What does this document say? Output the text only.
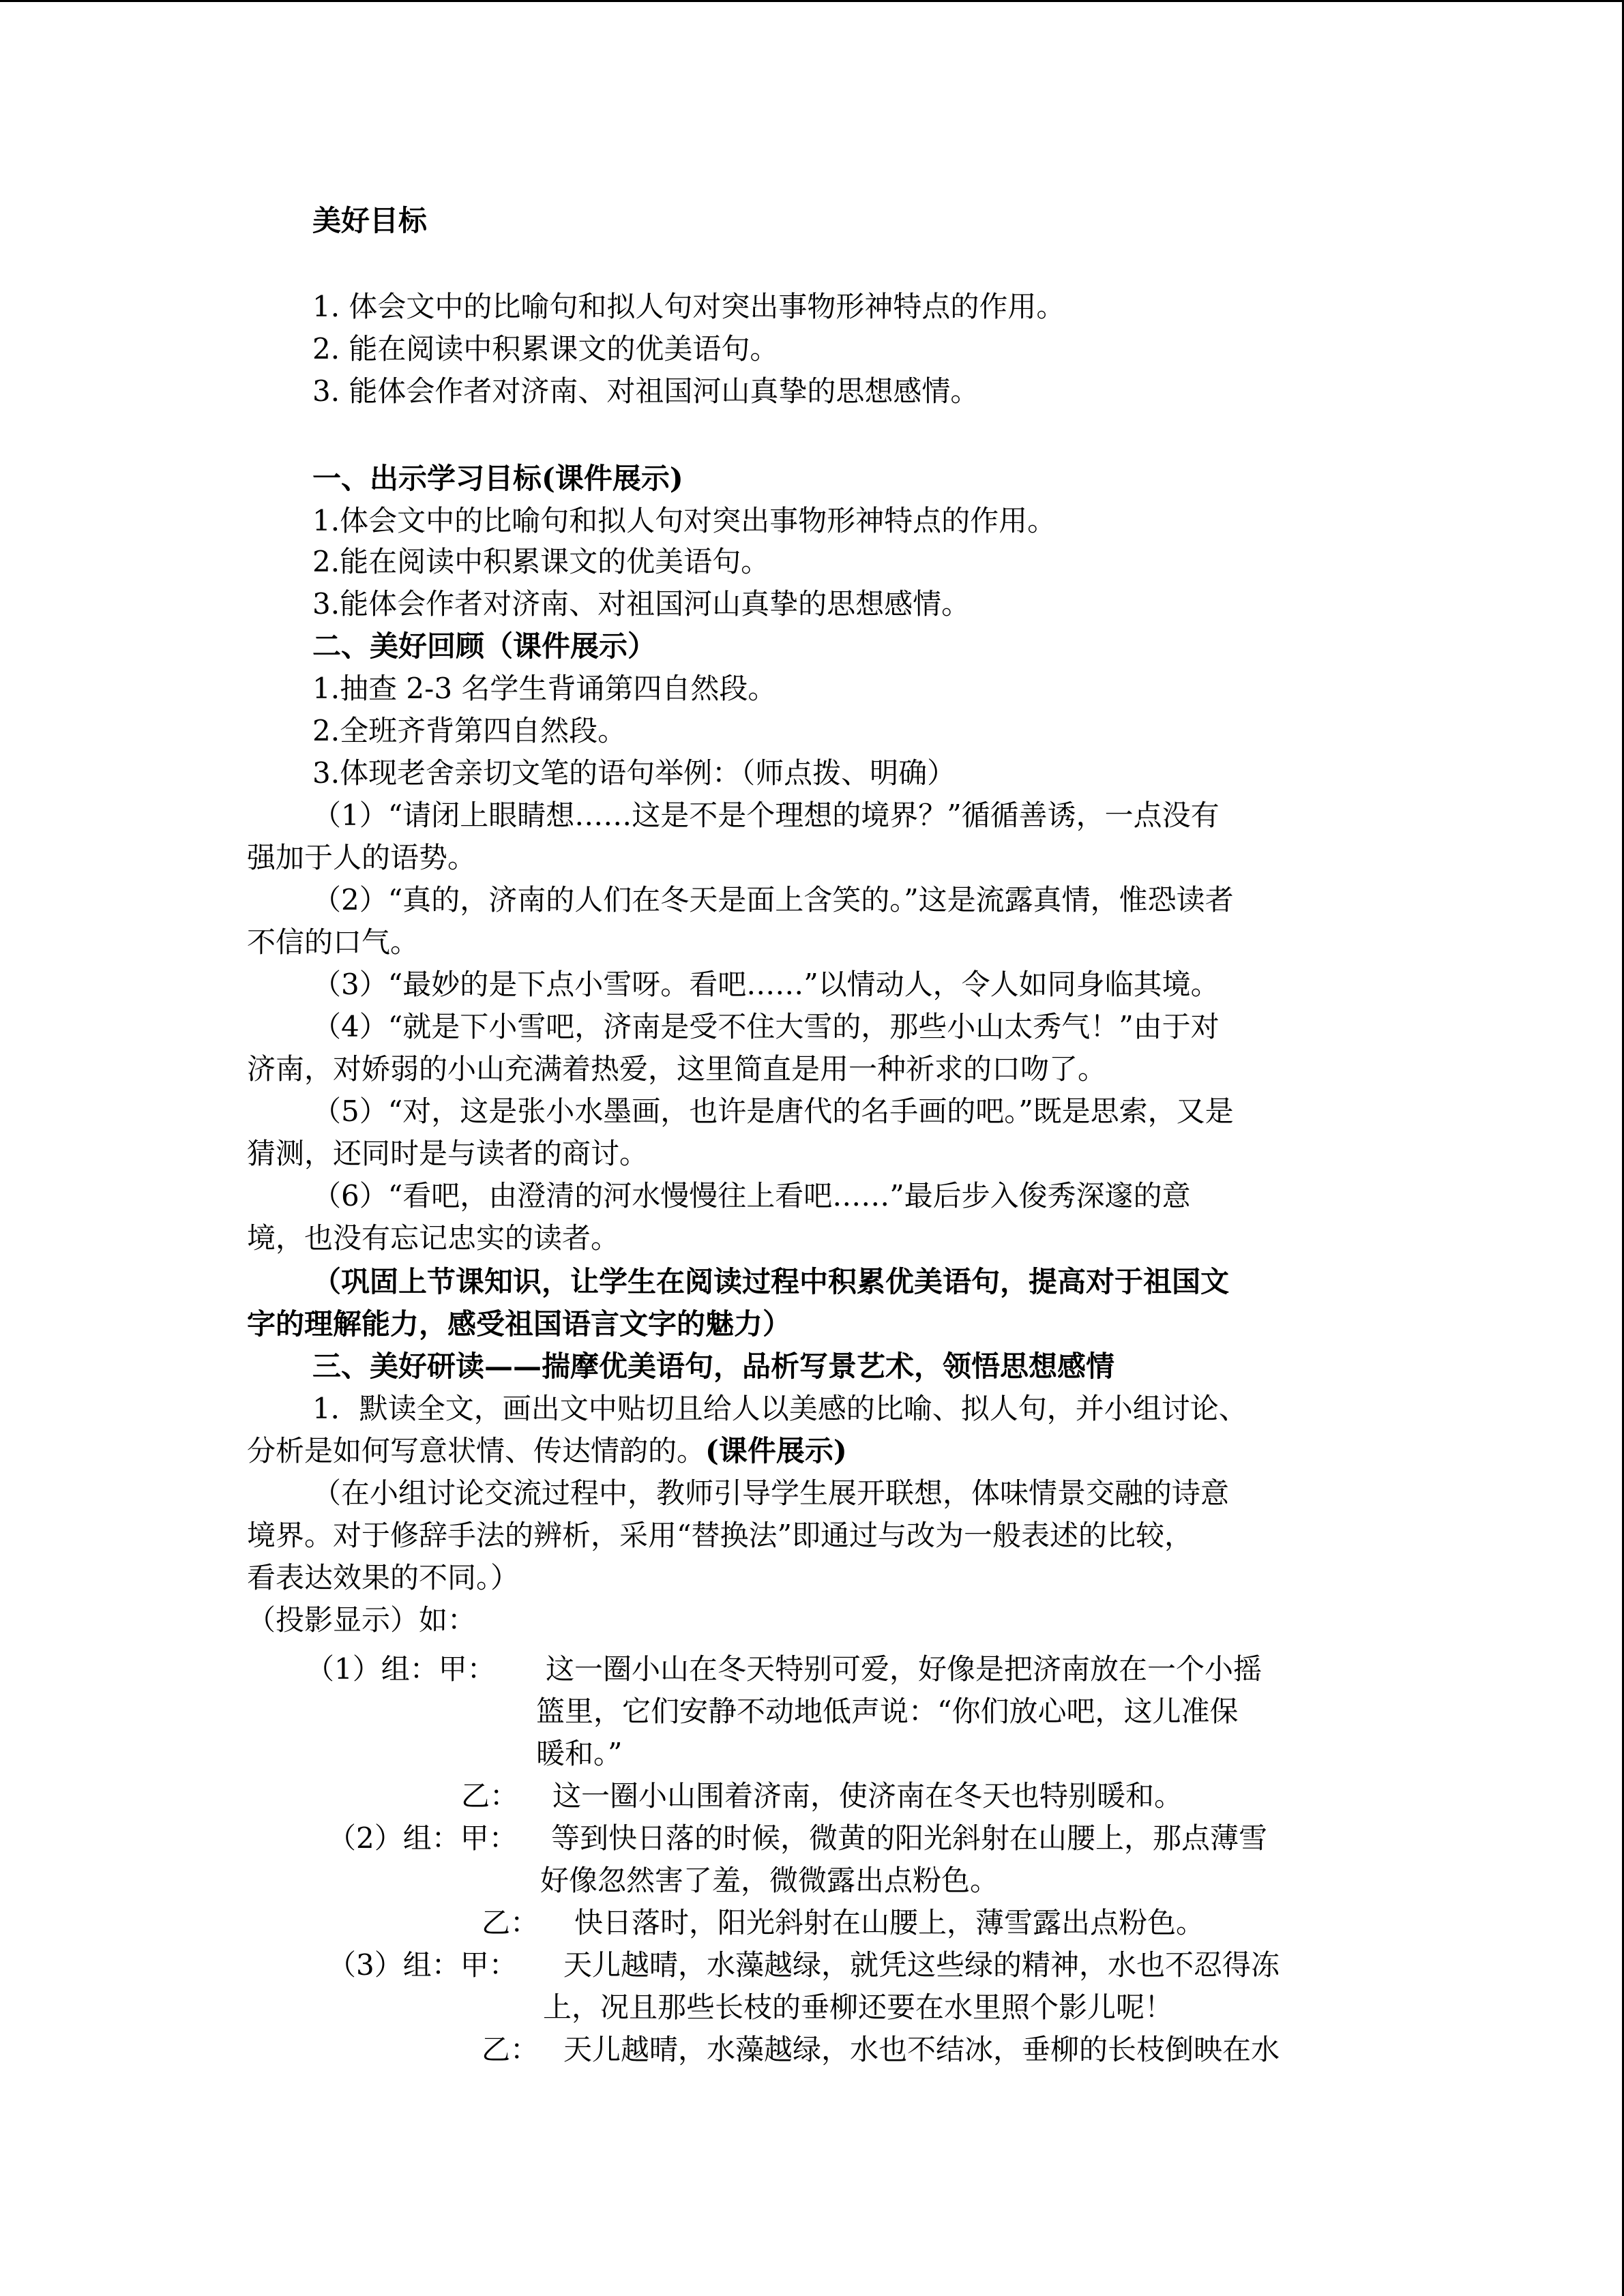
美好目标
1. 体会文中的比喻句和拟人句对突出事物形神特点的作用。
2. 能在阅读中积累课文的优美语句。
3. 能体会作者对济南、对祖国河山真挚的思想感情。
一、出示学习目标(课件展示)
1.体会文中的比喻句和拟人句对突出事物形神特点的作用。
2.能在阅读中积累课文的优美语句。
3.能体会作者对济南、对祖国河山真挚的思想感情。
二、美好回顾（课件展示）
1.抽查 2-3 名学生背诵第四自然段。
2.全班齐背第四自然段。
3.体现老舍亲切文笔的语句举例：（师点拨、明确）
（1）“请闭上眼睛想……这是不是个理想的境界？”循循善诱，一点没有
强加于人的语势。
（2）“真的，济南的人们在冬天是面上含笑的。”这是流露真情，惟恐读者
不信的口气。
（3）“最妙的是下点小雪呀。看吧……”以情动人，令人如同身临其境。
（4）“就是下小雪吧，济南是受不住大雪的，那些小山太秀气！”由于对
济南，对娇弱的小山充满着热爱，这里简直是用一种祈求的口吻了。
（5）“对，这是张小水墨画，也许是唐代的名手画的吧。”既是思索，又是
猜测，还同时是与读者的商讨。
（6）“看吧，由澄清的河水慢慢往上看吧……”最后步入俊秀深邃的意
境，也没有忘记忠实的读者。
（巩固上节课知识，让学生在阅读过程中积累优美语句，提高对于祖国文
字的理解能力，感受祖国语言文字的魅力）
三、美好研读——揣摩优美语句，品析写景艺术，领悟思想感情
1．默读全文，画出文中贴切且给人以美感的比喻、拟人句，并小组讨论、
分析是如何写意状情、传达情韵的。(课件展示)
（在小组讨论交流过程中，教师引导学生展开联想，体味情景交融的诗意
境界。对于修辞手法的辨析，采用“替换法”即通过与改为一般表述的比较，
看表达效果的不同。）
（投影显示）如：
（1）组：甲： 这一圈小山在冬天特别可爱，好像是把济南放在一个小摇
篮里，它们安静不动地低声说：“你们放心吧，这儿准保
暖和。”
乙： 这一圈小山围着济南，使济南在冬天也特别暖和。
（2）组：甲： 等到快日落的时候，微黄的阳光斜射在山腰上，那点薄雪
好像忽然害了羞，微微露出点粉色。
乙： 快日落时，阳光斜射在山腰上，薄雪露出点粉色。
（3）组：甲： 天儿越晴，水藻越绿，就凭这些绿的精神，水也不忍得冻
上，况且那些长枝的垂柳还要在水里照个影儿呢！
乙： 天儿越晴，水藻越绿，水也不结冰，垂柳的长枝倒映在水
